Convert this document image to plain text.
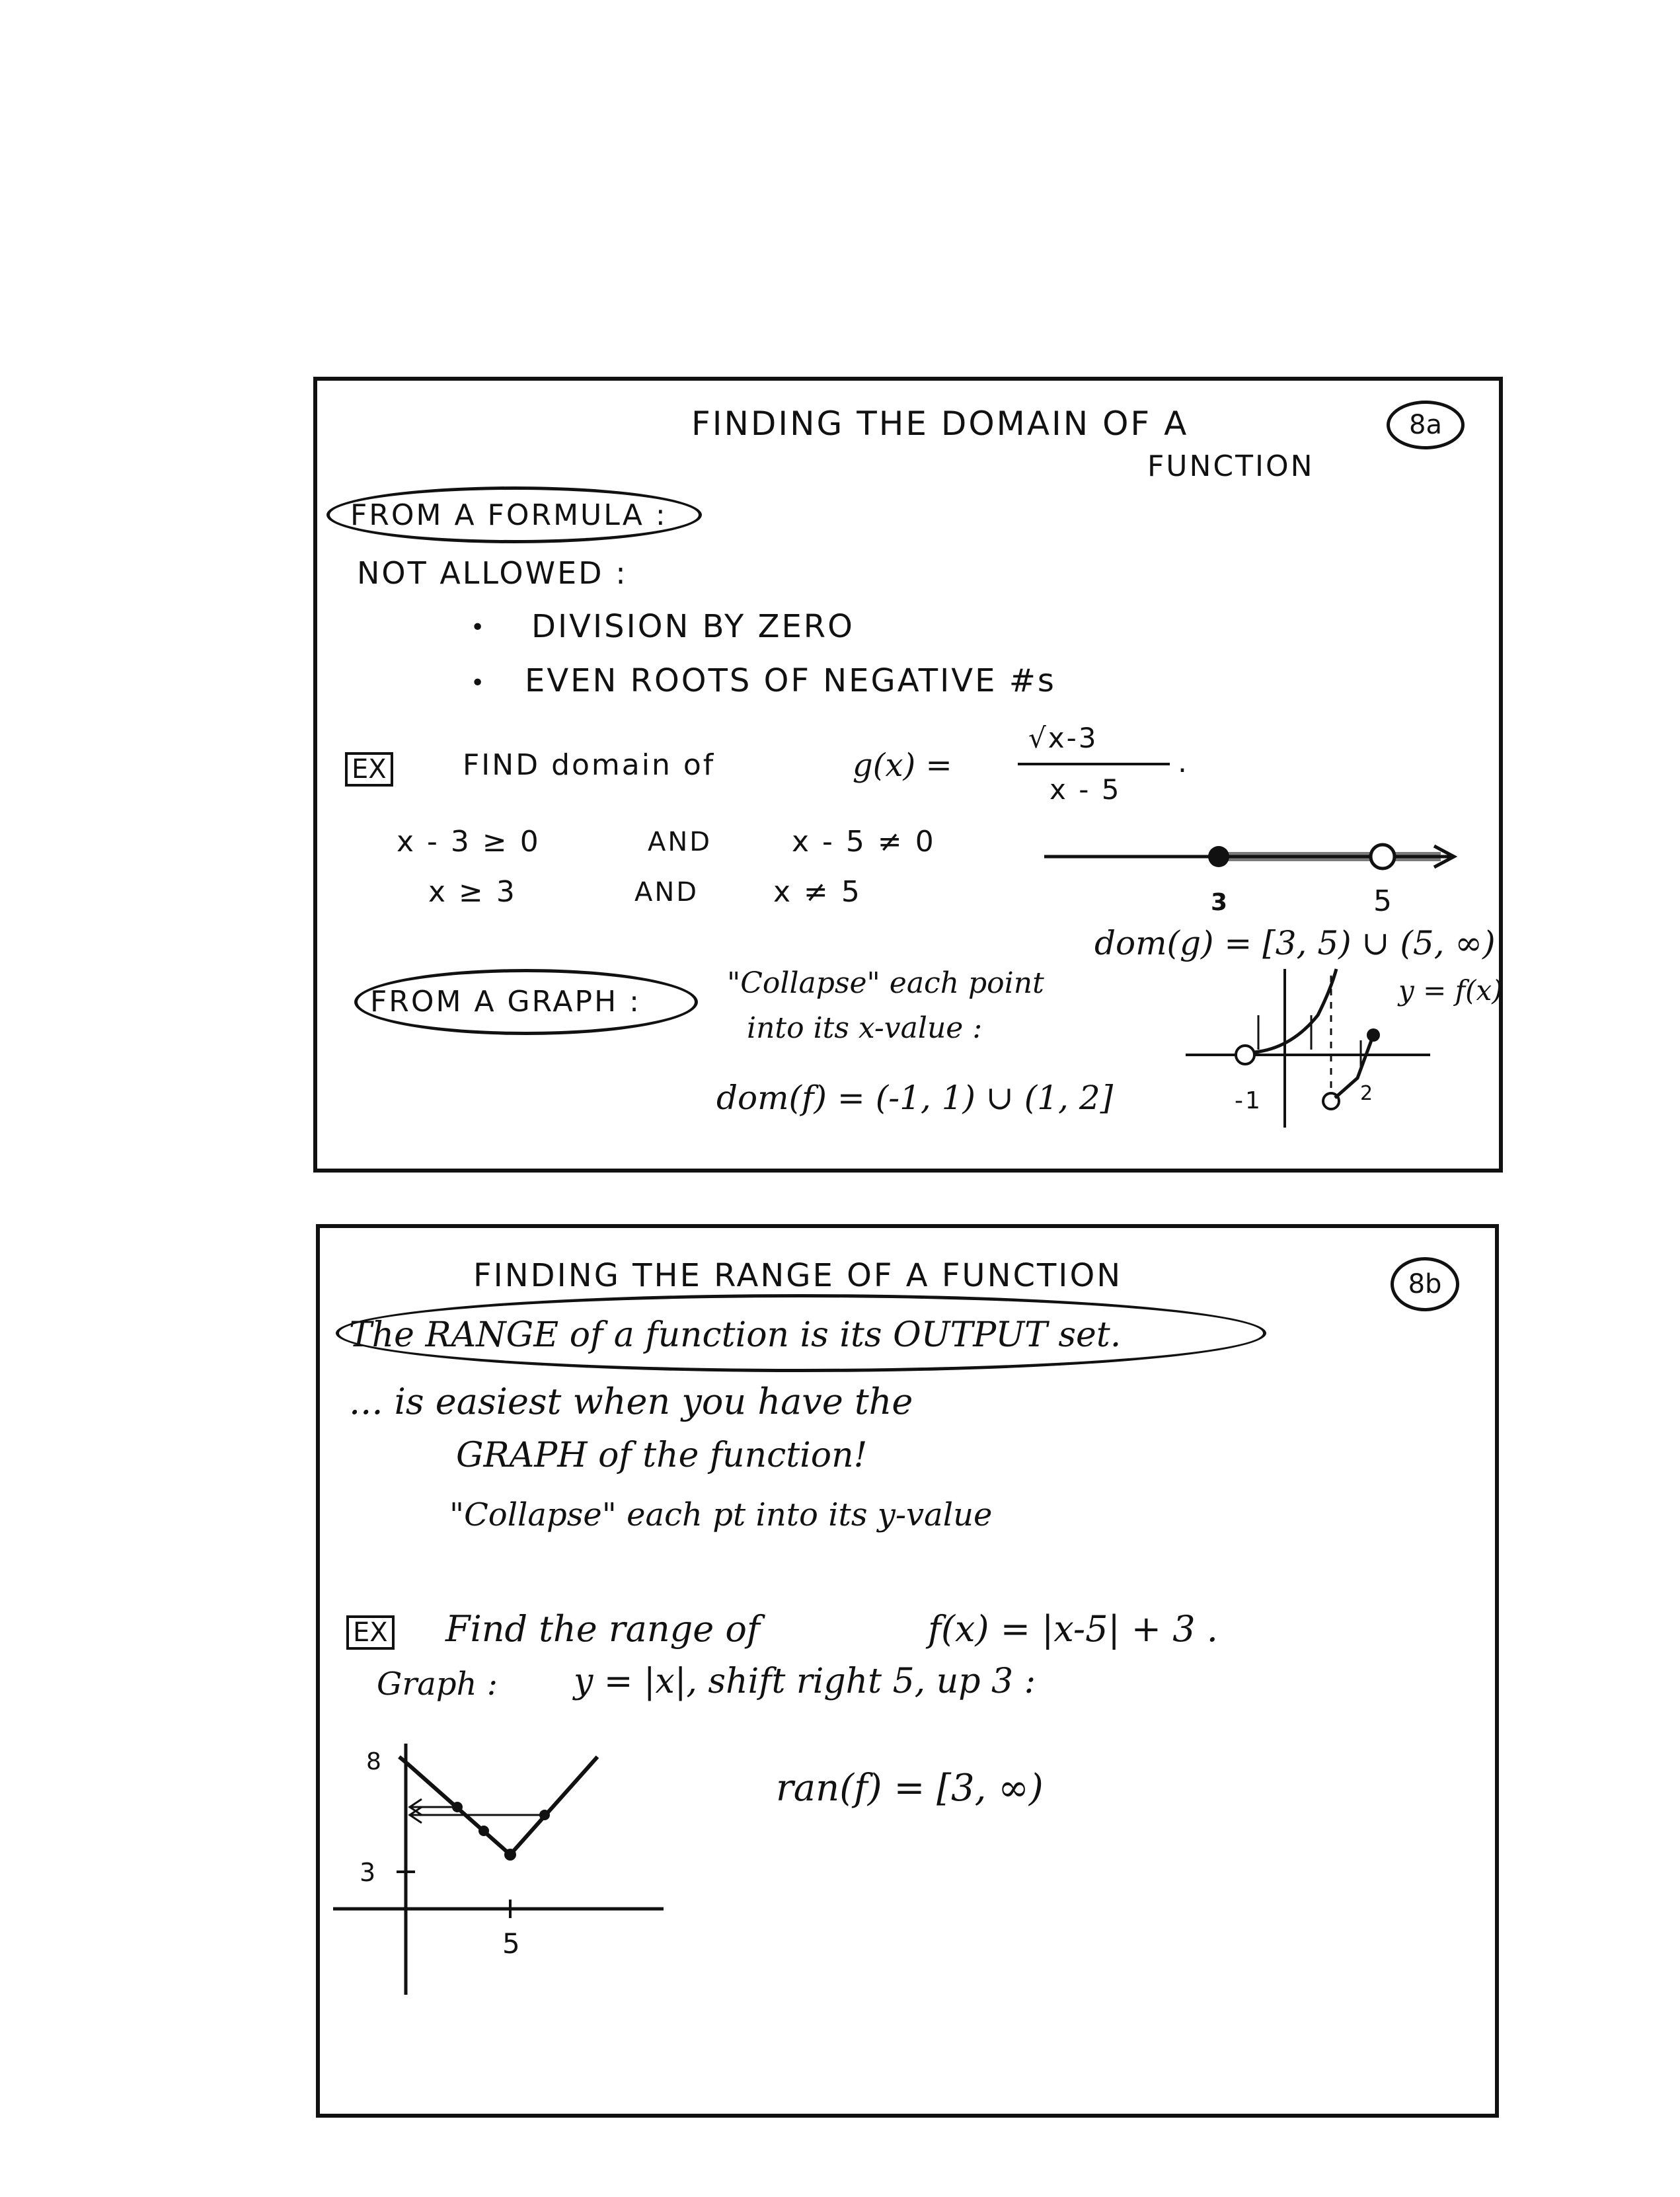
FINDING THE DOMAIN OF A
FUNCTION
8a
FROM A FORMULA :
NOT ALLOWED :
• DIVISION BY ZERO
• EVEN ROOTS OF NEGATIVE #s
EX	FIND domain of	g(x) =
√x-3
x - 5
.
x - 3 ≥ 0	AND	x - 5 ≠ 0
x ≥ 3	AND	x ≠ 5	3	5
dom(g) = [3, 5) ∪ (5, ∞)
FROM A GRAPH :
"Collapse" each point
into its x-value :
dom(f) = (-1, 1) ∪ (1, 2]
y = f(x)
-1	2
FINDING THE RANGE OF A FUNCTION	8b
The RANGE of a function is its OUTPUT set.
... is easiest when you have the
GRAPH of the function!
"Collapse" each pt into its y-value
EX Find the range of	f(x) = |x-5| + 3 .
Graph : y = |x|, shift right 5, up 3 :
8
3
5
ran(f) = [3, ∞)
